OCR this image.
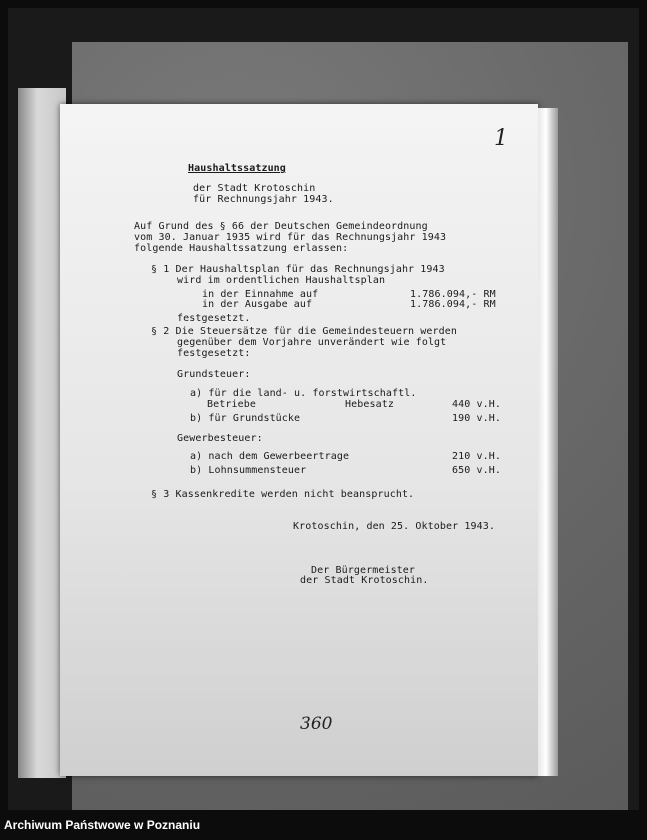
1
Haushaltssatzung
der Stadt Krotoschin
für Rechnungsjahr 1943.
Auf Grund des § 66 der Deutschen Gemeindeordnung
vom 30. Januar 1935 wird für das Rechnungsjahr 1943
folgende Haushaltssatzung erlassen:
§ 1 Der Haushaltsplan für das Rechnungsjahr 1943
wird im ordentlichen Haushaltsplan
in der Einnahme auf	1.786.094,- RM
in der Ausgabe auf	1.786.094,- RM
festgesetzt.
§ 2 Die Steuersätze für die Gemeindesteuern werden
gegenüber dem Vorjahre unverändert wie folgt
festgesetzt:
Grundsteuer:
a) für die land- u. forstwirtschaftl.
Betriebe	Hebesatz	440 v.H.
b) für Grundstücke	190 v.H.
Gewerbesteuer:
a) nach dem Gewerbeertrage	210 v.H.
b) Lohnsummensteuer	650 v.H.
§ 3 Kassenkredite werden nicht beansprucht.
Krotoschin, den 25. Oktober 1943.
Der Bürgermeister
der Stadt Krotoschin.
360
Archiwum Państwowe w Poznaniu
